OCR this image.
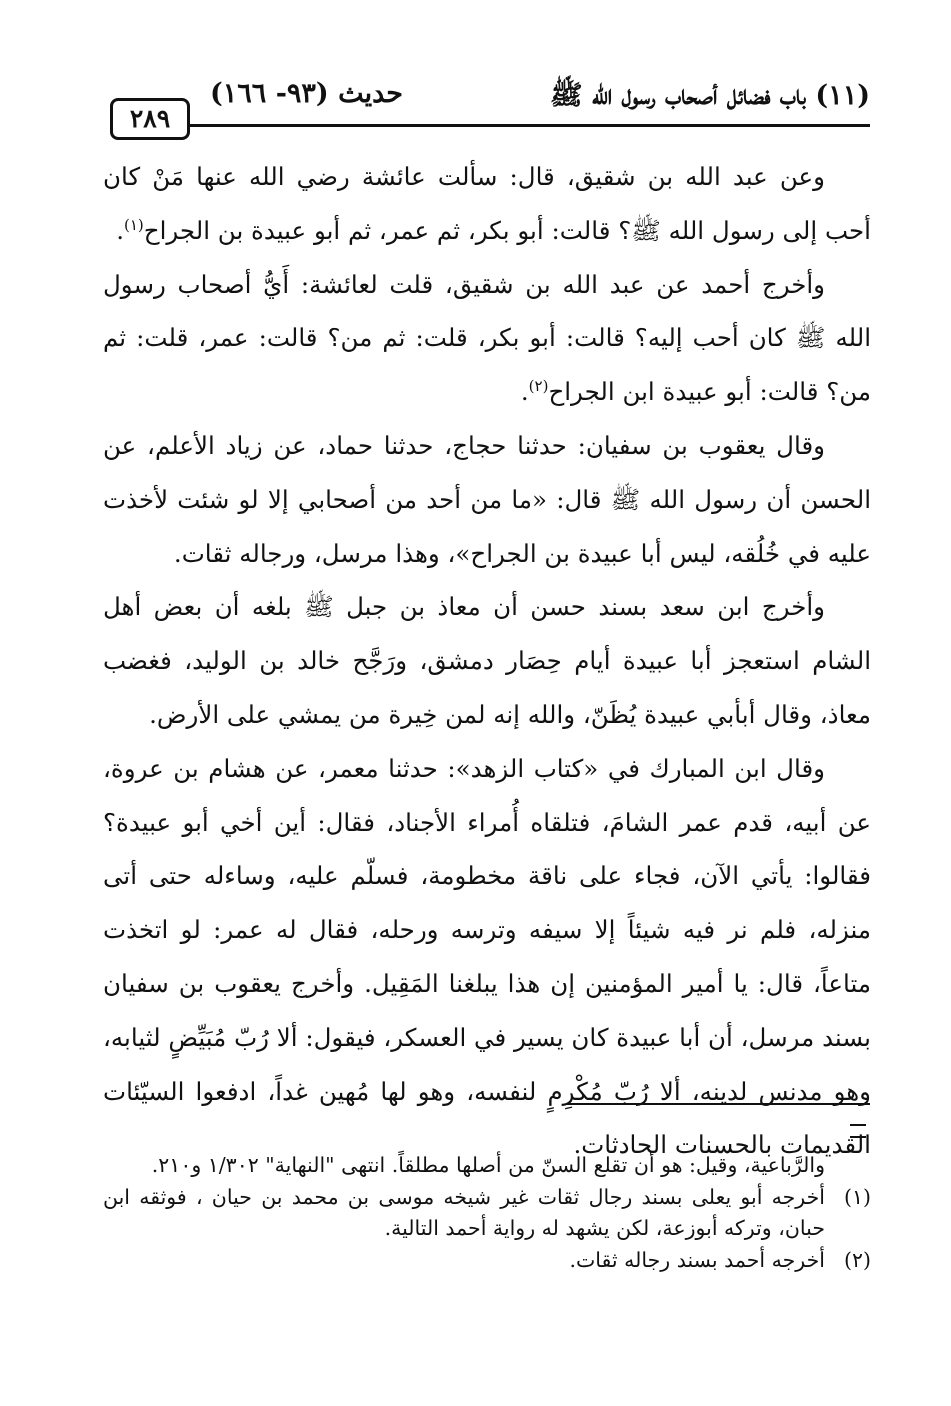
(١١) باب فضائل أصحاب رسول الله ﷺ
حديث (٩٣- ١٦٦)
٢٨٩

وعن عبد الله بن شقيق، قال: سألت عائشة رضي الله عنها مَنْ كان أحب إلى رسول الله ﷺ؟ قالت: أبو بكر، ثم عمر، ثم أبو عبيدة بن الجراح$^{(١)}$.

وأخرج أحمد عن عبد الله بن شقيق، قلت لعائشة: أَيُّ أصحاب رسول الله ﷺ كان أحب إليه؟ قالت: أبو بكر، قلت: ثم من؟ قالت: عمر، قلت: ثم من؟ قالت: أبو عبيدة ابن الجراح$^{(٢)}$.

وقال يعقوب بن سفيان: حدثنا حجاج، حدثنا حماد، عن زياد الأعلم، عن الحسن أن رسول الله ﷺ قال: «ما من أحد من أصحابي إلا لو شئت لأخذت عليه في خُلُقه، ليس أبا عبيدة بن الجراح»، وهذا مرسل، ورجاله ثقات.

وأخرج ابن سعد بسند حسن أن معاذ بن جبل ﷺ بلغه أن بعض أهل الشام استعجز أبا عبيدة أيام حِصَار دمشق، ورَجَّح خالد بن الوليد، فغضب معاذ، وقال أبأبي عبيدة يُظَنّ، والله إنه لمن خِيرة من يمشي على الأرض.

وقال ابن المبارك في «كتاب الزهد»: حدثنا معمر، عن هشام بن عروة، عن أبيه، قدم عمر الشامَ، فتلقاه أُمراء الأجناد، فقال: أين أخي أبو عبيدة؟ فقالوا: يأتي الآن، فجاء على ناقة مخطومة، فسلّم عليه، وساءله حتى أتى منزله، فلم نر فيه شيئاً إلا سيفه وترسه ورحله، فقال له عمر: لو اتخذت متاعاً، قال: يا أمير المؤمنين إن هذا يبلغنا المَقِيل. وأخرج يعقوب بن سفيان بسند مرسل، أن أبا عبيدة كان يسير في العسكر، فيقول: ألا رُبّ مُبَيِّضٍ لثيابه، وهو مدنس لدينه، ألا رُبّ مُكْرِمٍ لنفسه، وهو لها مُهين غداً، ادفعوا السيّئات القديمات بالحسنات الحادثات.

والرَّباعية، وقيل: هو أن تقلع السنّ من أصلها مطلقاً. انتهى "النهاية" ١/٣٠٢ و٢١٠.

(١)أخرجه أبو يعلى بسند رجال ثقات غير شيخه موسى بن محمد بن حيان ، فوثقه ابن حبان، وتركه أبوزعة، لكن يشهد له رواية أحمد التالية.

(٢)أخرجه أحمد بسند رجاله ثقات.
